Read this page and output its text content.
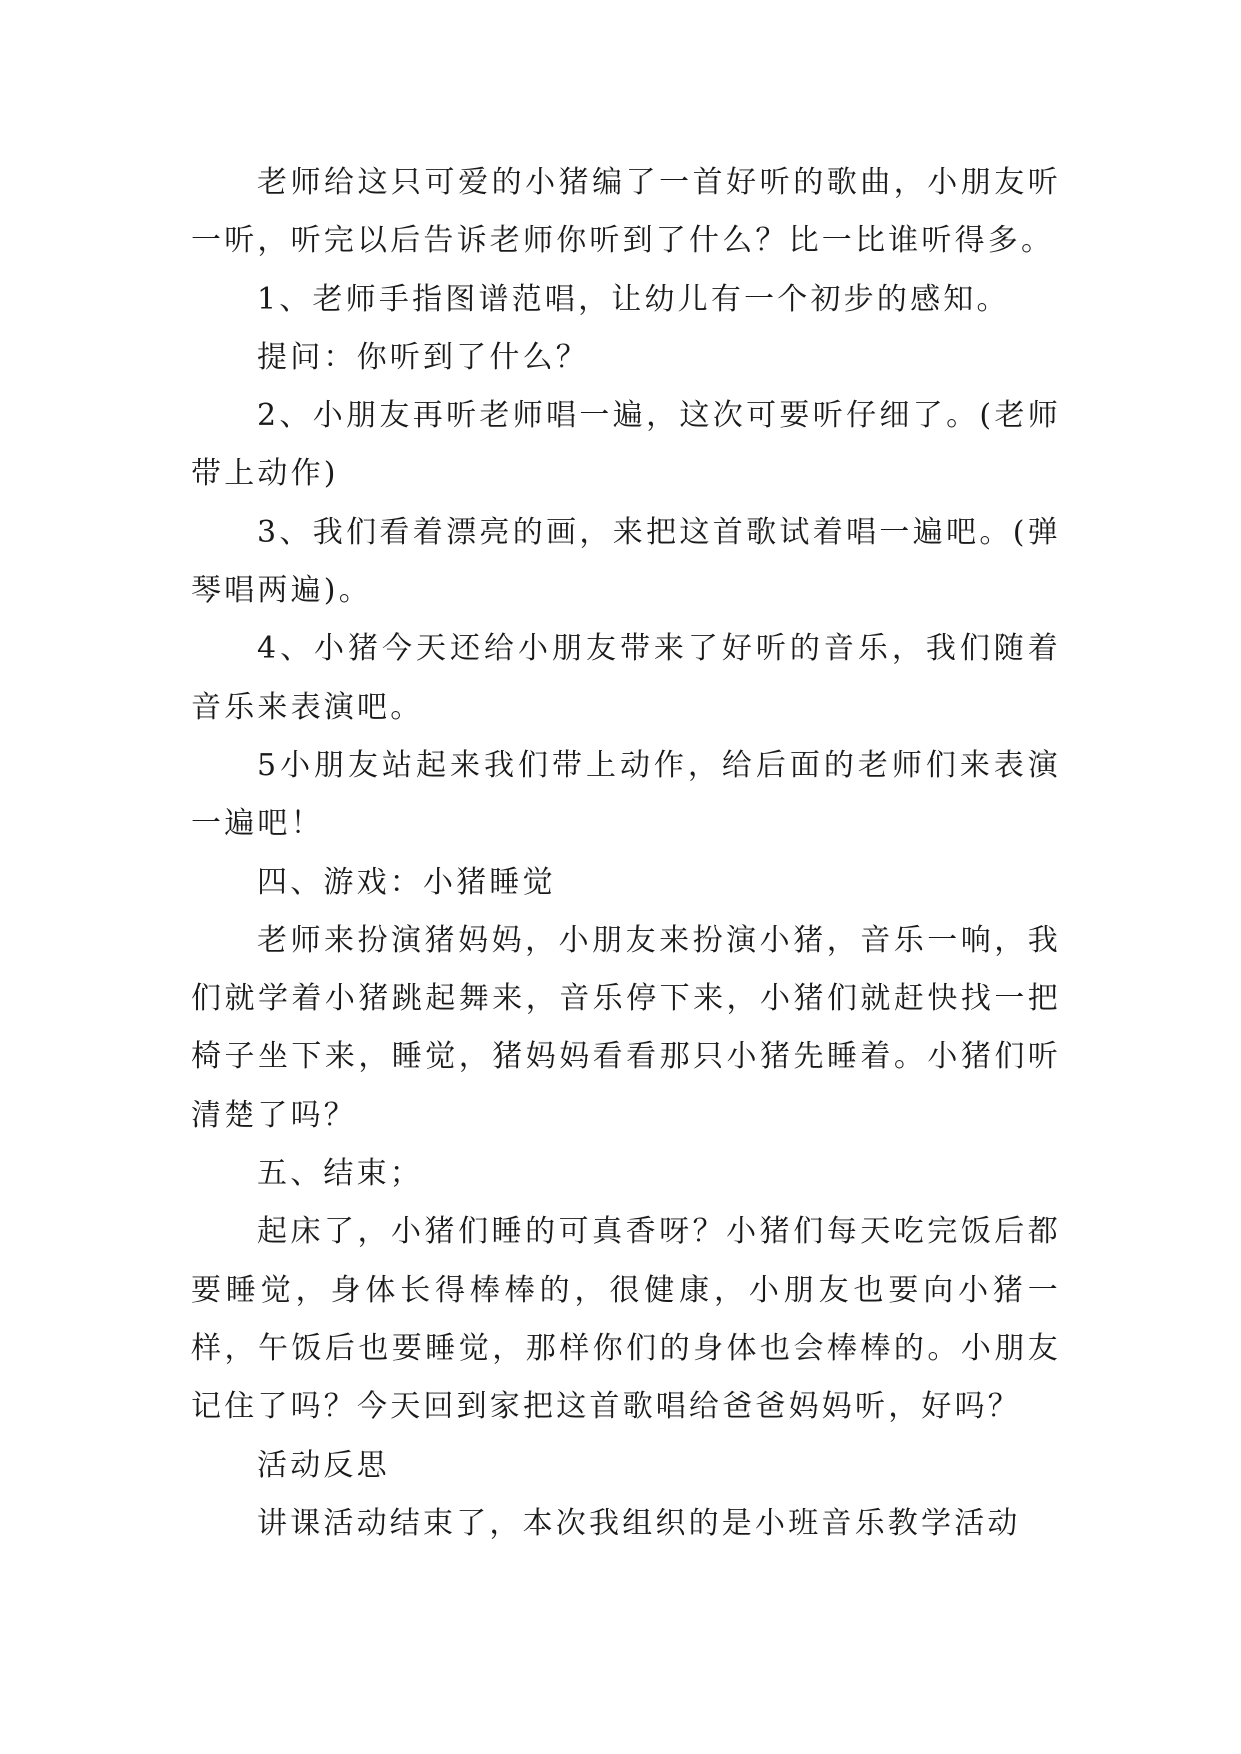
老师给这只可爱的小猪编了一首好听的歌曲，小朋友听一听，听完以后告诉老师你听到了什么？比一比谁听得多。

1、老师手指图谱范唱，让幼儿有一个初步的感知。

提问：你听到了什么？

2、小朋友再听老师唱一遍，这次可要听仔细了。(老师带上动作)

3、我们看着漂亮的画，来把这首歌试着唱一遍吧。(弹琴唱两遍)。

4、小猪今天还给小朋友带来了好听的音乐，我们随着音乐来表演吧。

5小朋友站起来我们带上动作，给后面的老师们来表演一遍吧！

四、游戏：小猪睡觉

老师来扮演猪妈妈，小朋友来扮演小猪，音乐一响，我们就学着小猪跳起舞来，音乐停下来，小猪们就赶快找一把椅子坐下来，睡觉，猪妈妈看看那只小猪先睡着。小猪们听清楚了吗？

五、结束；

起床了，小猪们睡的可真香呀？小猪们每天吃完饭后都要睡觉，身体长得棒棒的，很健康，小朋友也要向小猪一样，午饭后也要睡觉，那样你们的身体也会棒棒的。小朋友记住了吗？今天回到家把这首歌唱给爸爸妈妈听，好吗？

活动反思

讲课活动结束了，本次我组织的是小班音乐教学活动
